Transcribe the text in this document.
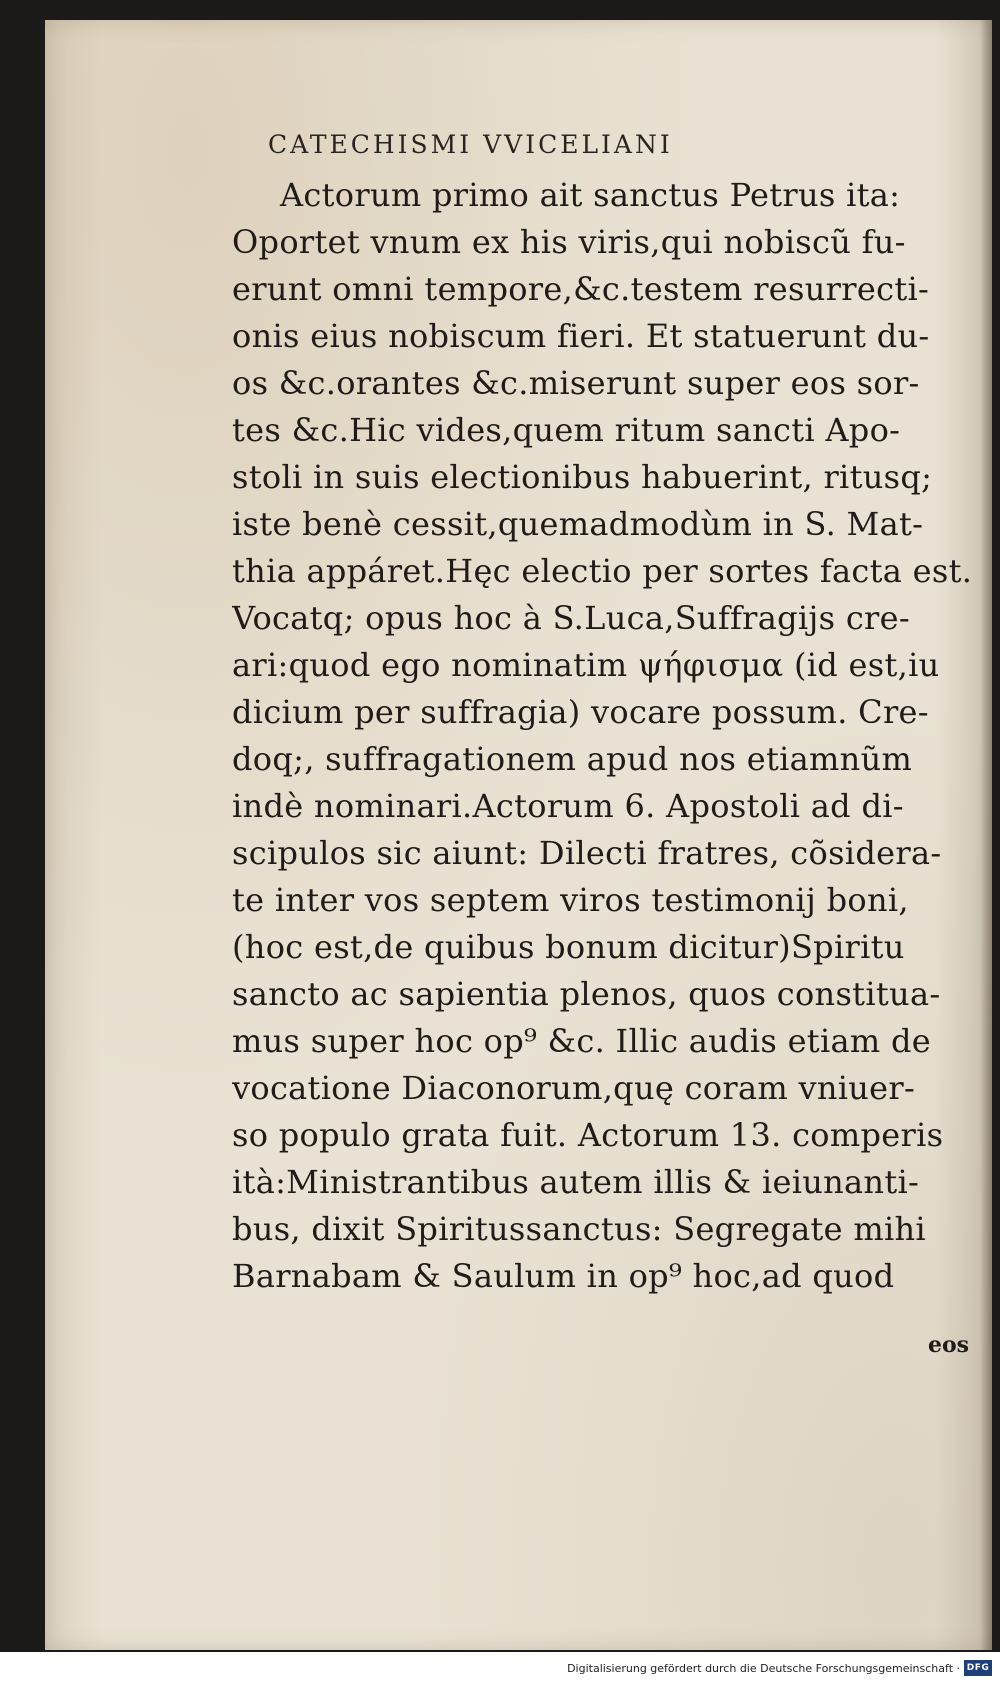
CATECHISMI VVICELIANI
Actorum primo ait sanctus Petrus ita:
Oportet vnum ex his viris,qui nobiscũ fu-
erunt omni tempore,&c.testem resurrecti-
onis eius nobiscum fieri. Et statuerunt du-
os &c.orantes &c.miserunt super eos sor-
tes &c.Hic vides,quem ritum sancti Apo-
stoli in suis electionibus habuerint, ritusq;
iste benè cessit,quemadmodùm in S. Mat-
thia appáret.Hęc electio per sortes facta est.
Vocatq; opus hoc à S.Luca,Suffragijs cre-
ari:quod ego nominatim ψήφισμα (id est,iu
dicium per suffragia) vocare possum. Cre-
doq;, suffragationem apud nos etiamnũm
indè nominari.Actorum 6. Apostoli ad di-
scipulos sic aiunt: Dilecti fratres, cõsidera-
te inter vos septem viros testimonij boni,
(hoc est,de quibus bonum dicitur)Spiritu
sancto ac sapientia plenos, quos constitua-
mus super hoc op⁹ &c. Illic audis etiam de
vocatione Diaconorum,quę coram vniuer-
so populo grata fuit. Actorum 13. comperis
ità:Ministrantibus autem illis & ieiunanti-
bus, dixit Spiritussanctus: Segregate mihi
Barnabam & Saulum in op⁹ hoc,ad quod
eos
Digitalisierung gefördert durch die Deutsche Forschungsgemeinschaft · DFG
